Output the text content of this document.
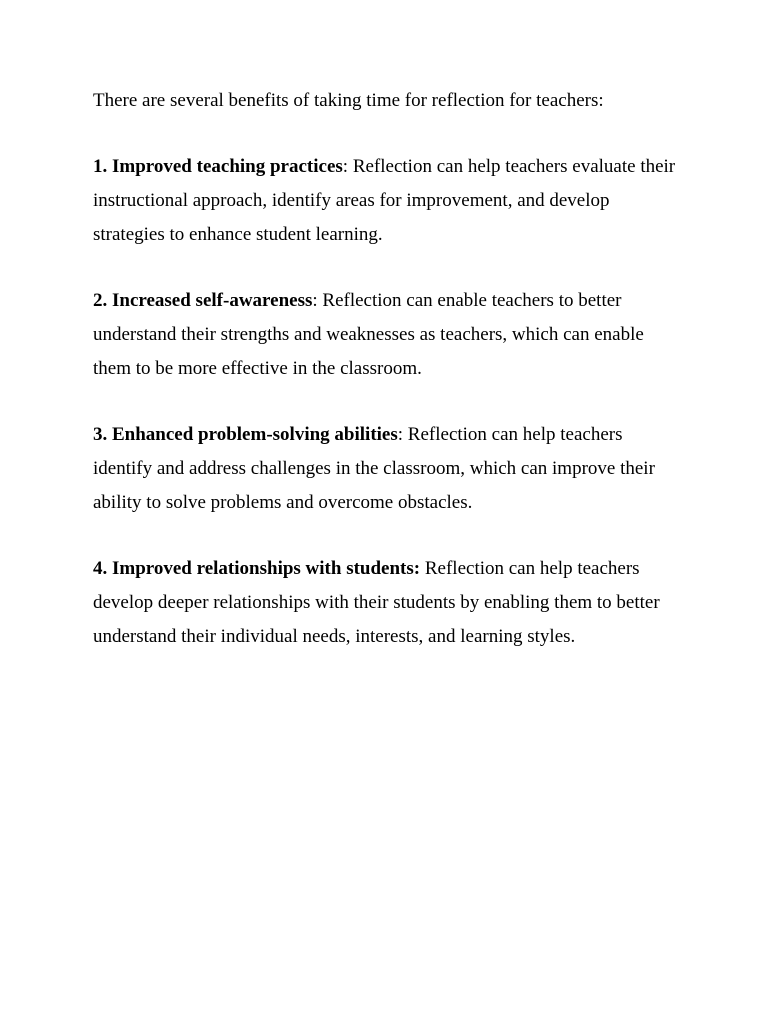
There are several benefits of taking time for reflection for teachers:

1. Improved teaching practices: Reflection can help teachers evaluate their instructional approach, identify areas for improvement, and develop strategies to enhance student learning.

2. Increased self-awareness: Reflection can enable teachers to better understand their strengths and weaknesses as teachers, which can enable them to be more effective in the classroom.

3. Enhanced problem-solving abilities: Reflection can help teachers identify and address challenges in the classroom, which can improve their ability to solve problems and overcome obstacles.

4. Improved relationships with students: Reflection can help teachers develop deeper relationships with their students by enabling them to better understand their individual needs, interests, and learning styles.
